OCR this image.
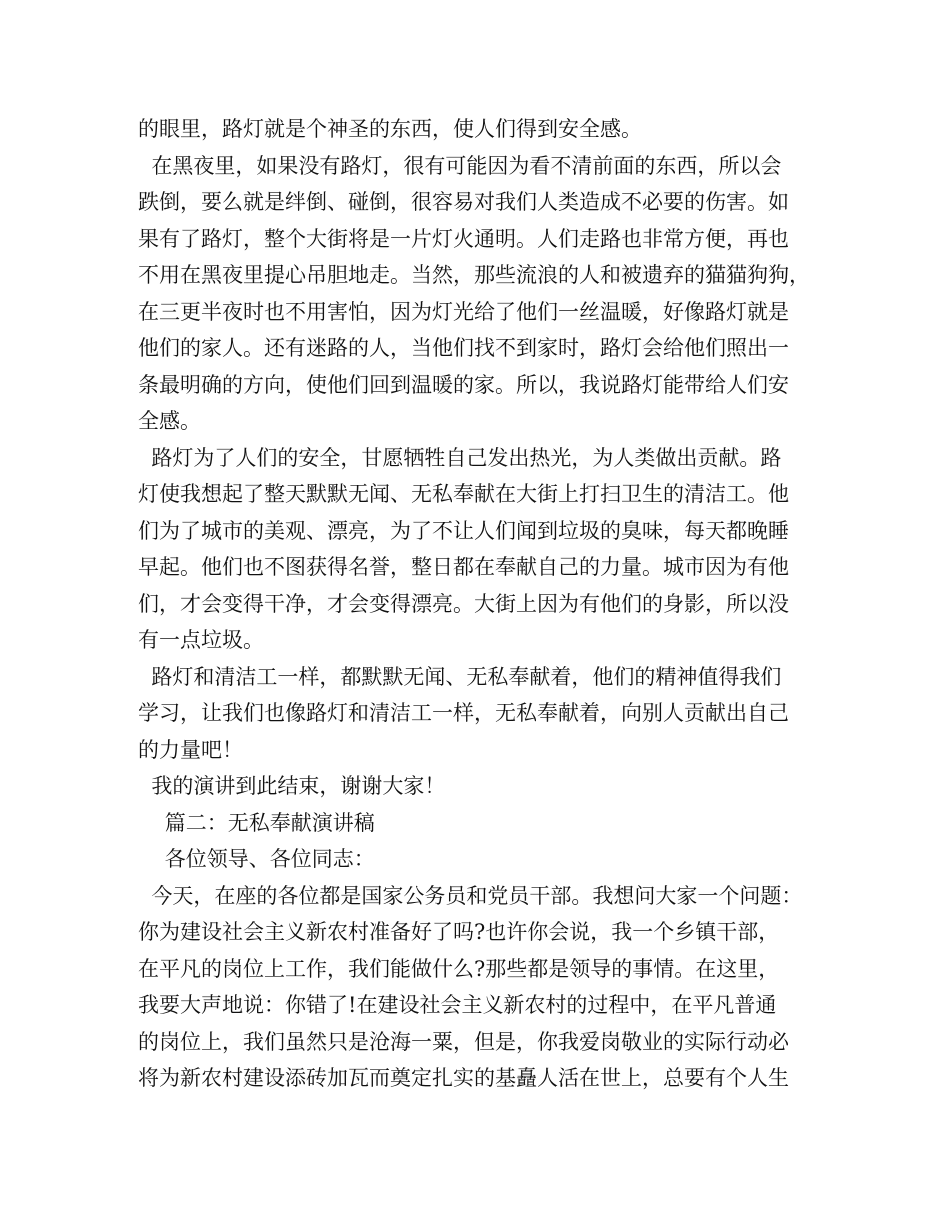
的眼里，路灯就是个神圣的东西，使人们得到安全感。
在黑夜里，如果没有路灯，很有可能因为看不清前面的东西，所以会
跌倒，要么就是绊倒、碰倒，很容易对我们人类造成不必要的伤害。如
果有了路灯，整个大街将是一片灯火通明。人们走路也非常方便，再也
不用在黑夜里提心吊胆地走。当然，那些流浪的人和被遗弃的猫猫狗狗，
在三更半夜时也不用害怕，因为灯光给了他们一丝温暖，好像路灯就是
他们的家人。还有迷路的人，当他们找不到家时，路灯会给他们照出一
条最明确的方向，使他们回到温暖的家。所以，我说路灯能带给人们安
全感。
路灯为了人们的安全，甘愿牺牲自己发出热光，为人类做出贡献。路
灯使我想起了整天默默无闻、无私奉献在大街上打扫卫生的清洁工。他
们为了城市的美观、漂亮，为了不让人们闻到垃圾的臭味，每天都晚睡
早起。他们也不图获得名誉，整日都在奉献自己的力量。城市因为有他
们，才会变得干净，才会变得漂亮。大街上因为有他们的身影，所以没
有一点垃圾。
路灯和清洁工一样，都默默无闻、无私奉献着，他们的精神值得我们
学习，让我们也像路灯和清洁工一样，无私奉献着，向别人贡献出自己
的力量吧！
我的演讲到此结束，谢谢大家！
篇二：无私奉献演讲稿
各位领导、各位同志：
今天，在座的各位都是国家公务员和党员干部。我想问大家一个问题：
你为建设社会主义新农村准备好了吗?也许你会说，我一个乡镇干部，
在平凡的岗位上工作，我们能做什么?那些都是领导的事情。在这里，
我要大声地说：你错了!在建设社会主义新农村的过程中，在平凡普通
的岗位上，我们虽然只是沧海一粟，但是，你我爱岗敬业的实际行动必
将为新农村建设添砖加瓦而奠定扎实的基矗人活在世上，总要有个人生
